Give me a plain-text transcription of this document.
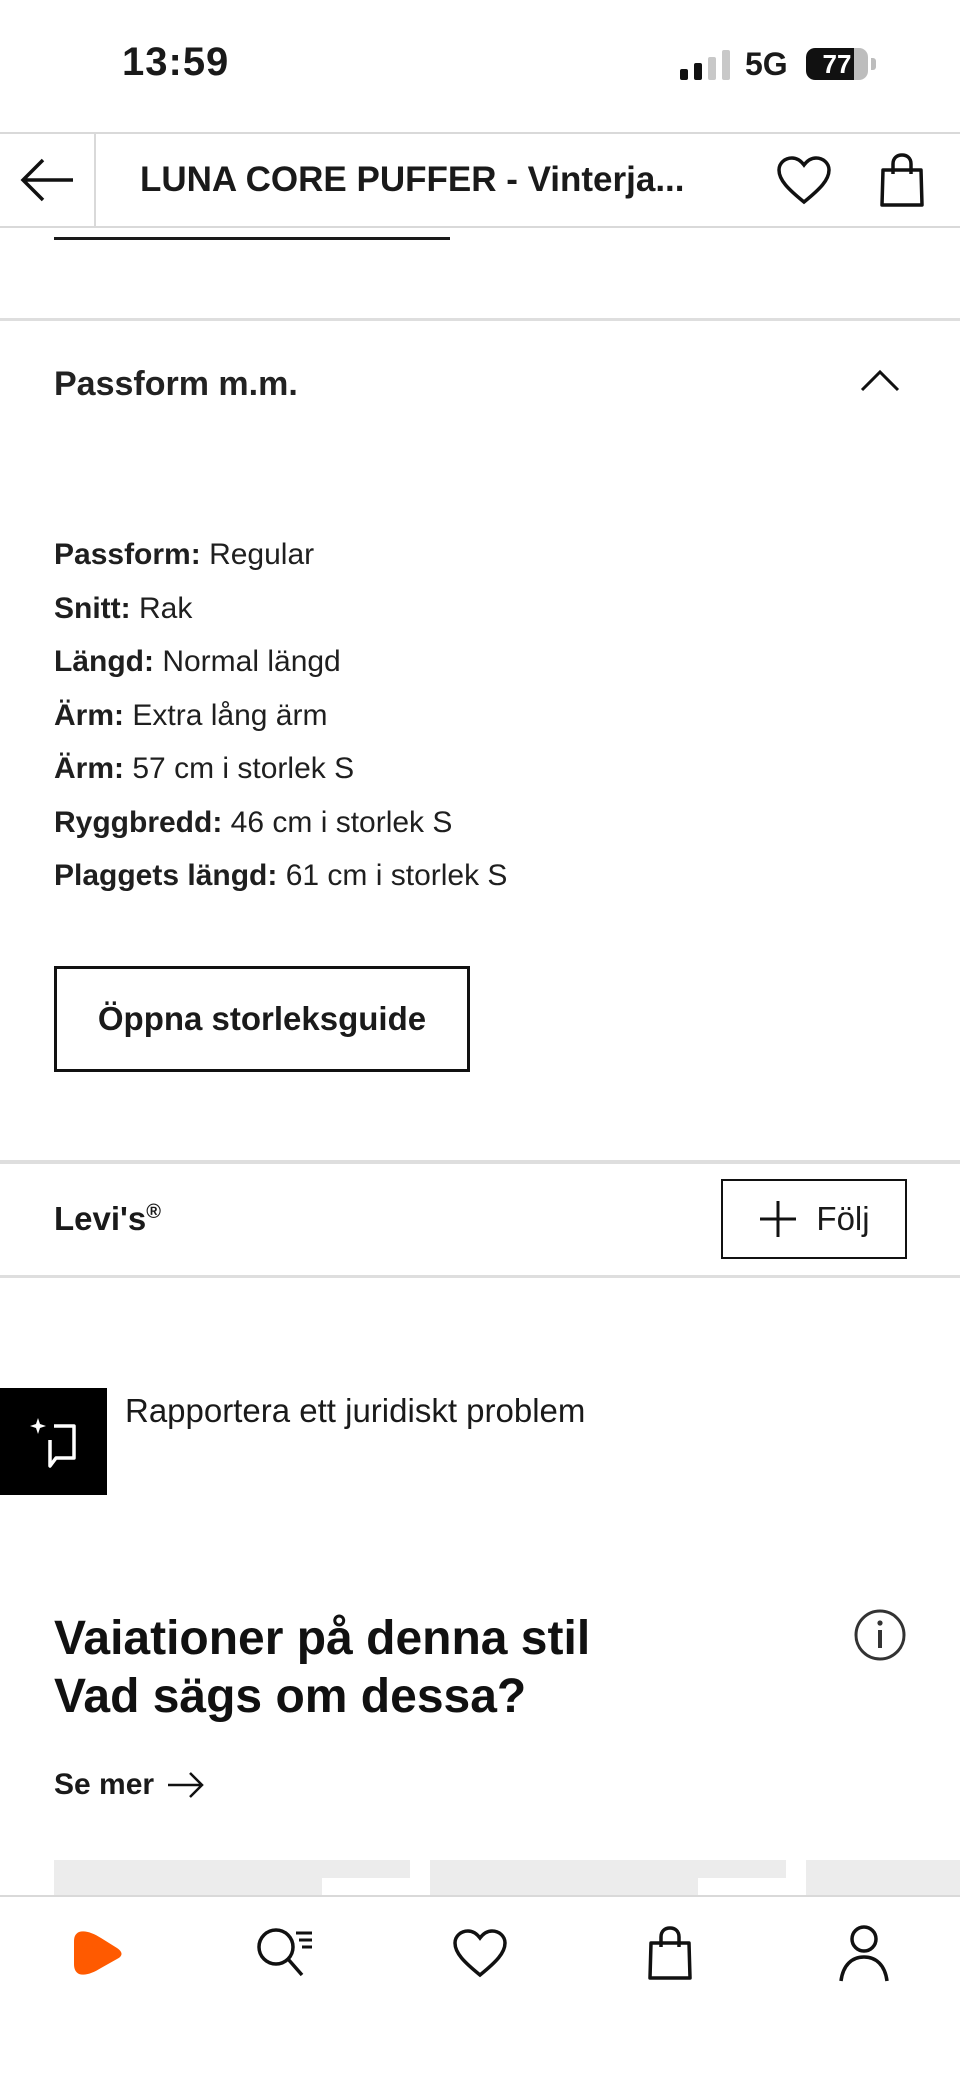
13:59	5G	77
LUNA CORE PUFFER - Vinterja...
Passform m.m.
Passform: Regular
Snitt: Rak
Längd: Normal längd
Ärm: Extra lång ärm
Ärm: 57 cm i storlek S
Ryggbredd: 46 cm i storlek S
Plaggets längd: 61 cm i storlek S
Öppna storleksguide
Levi's®	Följ
Rapportera ett juridiskt problem
Vaiationer på denna stil
Vad sägs om dessa?
Se mer
